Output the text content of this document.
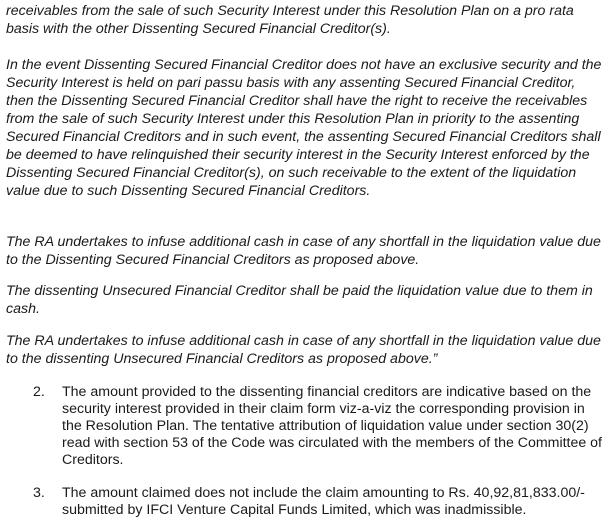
receivables from the sale of such Security Interest under this Resolution Plan on a pro rata
basis with the other Dissenting Secured Financial Creditor(s).
In the event Dissenting Secured Financial Creditor does not have an exclusive security and the
Security Interest is held on pari passu basis with any assenting Secured Financial Creditor,
then the Dissenting Secured Financial Creditor shall have the right to receive the receivables
from the sale of such Security Interest under this Resolution Plan in priority to the assenting
Secured Financial Creditors and in such event, the assenting Secured Financial Creditors shall
be deemed to have relinquished their security interest in the Security Interest enforced by the
Dissenting Secured Financial Creditor(s), on such receivable to the extent of the liquidation
value due to such Dissenting Secured Financial Creditors.
The RA undertakes to infuse additional cash in case of any shortfall in the liquidation value due
to the Dissenting Secured Financial Creditors as proposed above.
The dissenting Unsecured Financial Creditor shall be paid the liquidation value due to them in
cash.
The RA undertakes to infuse additional cash in case of any shortfall in the liquidation value due
to the dissenting Unsecured Financial Creditors as proposed above.”
2. The amount provided to the dissenting financial creditors are indicative based on the
security interest provided in their claim form viz-a-viz the corresponding provision in
the Resolution Plan. The tentative attribution of liquidation value under section 30(2)
read with section 53 of the Code was circulated with the members of the Committee of
Creditors.
3. The amount claimed does not include the claim amounting to Rs. 40,92,81,833.00/-
submitted by IFCI Venture Capital Funds Limited, which was inadmissible.
